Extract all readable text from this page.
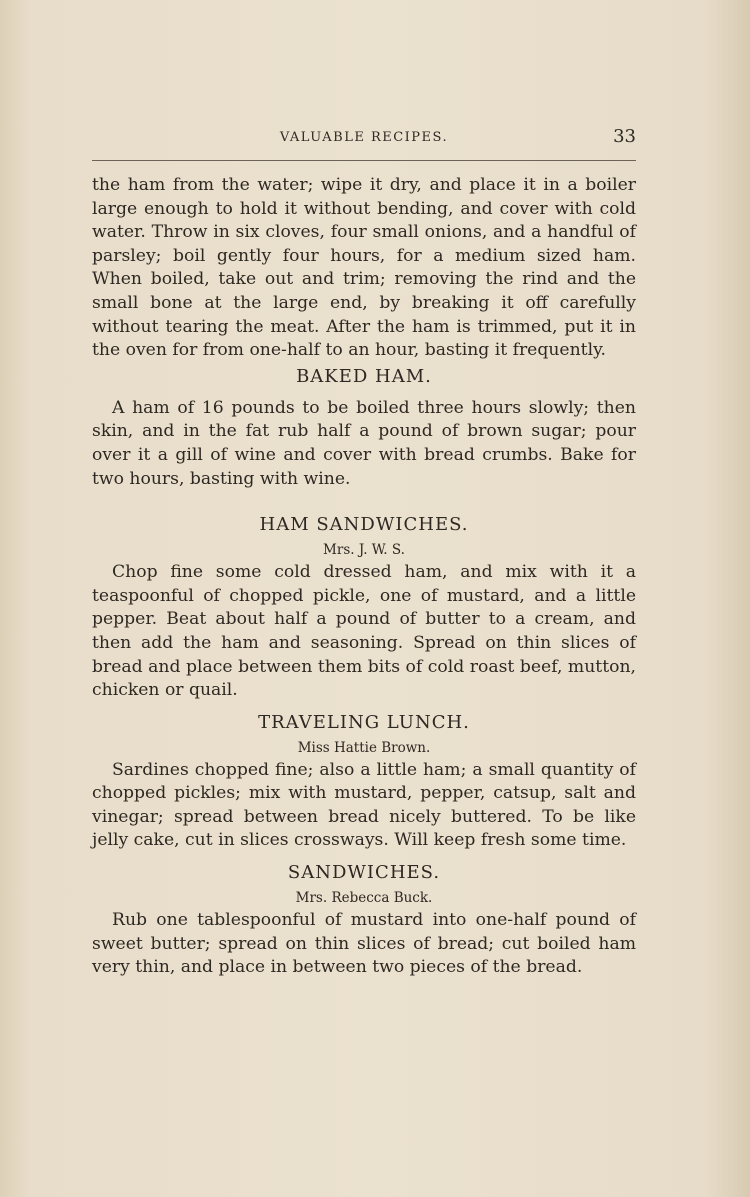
VALUABLE RECIPES.	33

the ham from the water; wipe it dry, and place it in a boiler large enough to hold it without bending, and cover with cold water. Throw in six cloves, four small onions, and a handful of parsley; boil gently four hours, for a medium sized ham. When boiled, take out and trim; removing the rind and the small bone at the large end, by breaking it off carefully without tearing the meat. After the ham is trimmed, put it in the oven for from one-half to an hour, basting it frequently.

BAKED HAM.

A ham of 16 pounds to be boiled three hours slowly; then skin, and in the fat rub half a pound of brown sugar; pour over it a gill of wine and cover with bread crumbs. Bake for two hours, basting with wine.

HAM SANDWICHES.
Mrs. J. W. S.

Chop fine some cold dressed ham, and mix with it a teaspoonful of chopped pickle, one of mustard, and a little pepper. Beat about half a pound of butter to a cream, and then add the ham and seasoning. Spread on thin slices of bread and place between them bits of cold roast beef, mutton, chicken or quail.

TRAVELING LUNCH.
Miss Hattie Brown.

Sardines chopped fine; also a little ham; a small quantity of chopped pickles; mix with mustard, pepper, catsup, salt and vinegar; spread between bread nicely buttered. To be like jelly cake, cut in slices crossways. Will keep fresh some time.

SANDWICHES.
Mrs. Rebecca Buck.

Rub one tablespoonful of mustard into one-half pound of sweet butter; spread on thin slices of bread; cut boiled ham very thin, and place in between two pieces of the bread.
